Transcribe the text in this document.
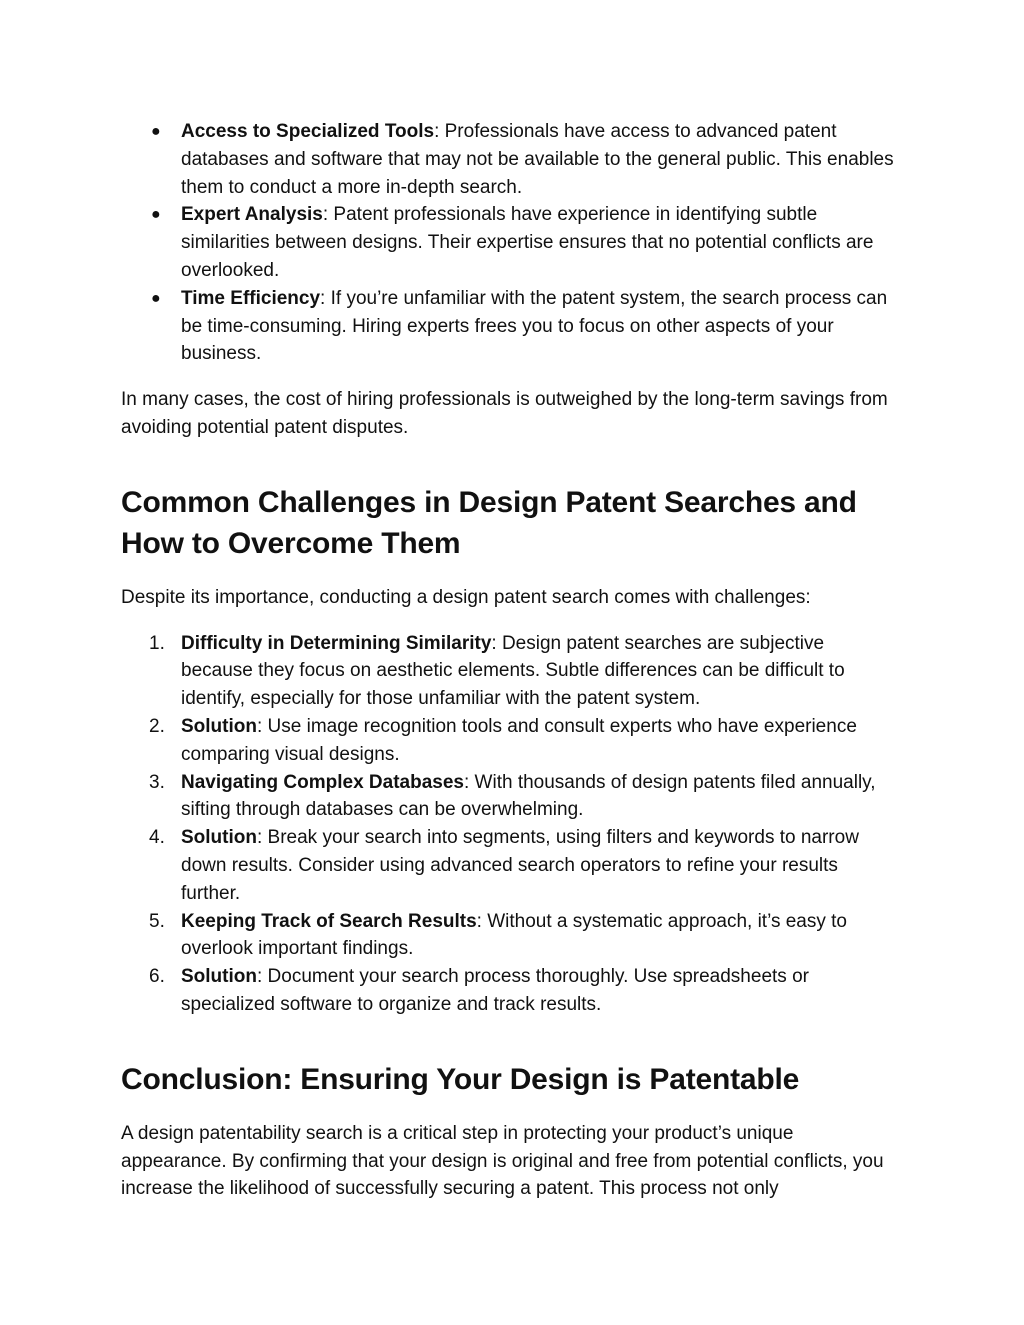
● Access to Specialized Tools: Professionals have access to advanced patent databases and software that may not be available to the general public. This enables them to conduct a more in-depth search.
● Expert Analysis: Patent professionals have experience in identifying subtle similarities between designs. Their expertise ensures that no potential conflicts are overlooked.
● Time Efficiency: If you’re unfamiliar with the patent system, the search process can be time-consuming. Hiring experts frees you to focus on other aspects of your business.

In many cases, the cost of hiring professionals is outweighed by the long-term savings from avoiding potential patent disputes.

Common Challenges in Design Patent Searches and How to Overcome Them

Despite its importance, conducting a design patent search comes with challenges:

1. Difficulty in Determining Similarity: Design patent searches are subjective because they focus on aesthetic elements. Subtle differences can be difficult to identify, especially for those unfamiliar with the patent system.
2. Solution: Use image recognition tools and consult experts who have experience comparing visual designs.
3. Navigating Complex Databases: With thousands of design patents filed annually, sifting through databases can be overwhelming.
4. Solution: Break your search into segments, using filters and keywords to narrow down results. Consider using advanced search operators to refine your results further.
5. Keeping Track of Search Results: Without a systematic approach, it’s easy to overlook important findings.
6. Solution: Document your search process thoroughly. Use spreadsheets or specialized software to organize and track results.
Conclusion: Ensuring Your Design is Patentable

A design patentability search is a critical step in protecting your product’s unique appearance. By confirming that your design is original and free from potential conflicts, you increase the likelihood of successfully securing a patent. This process not only
